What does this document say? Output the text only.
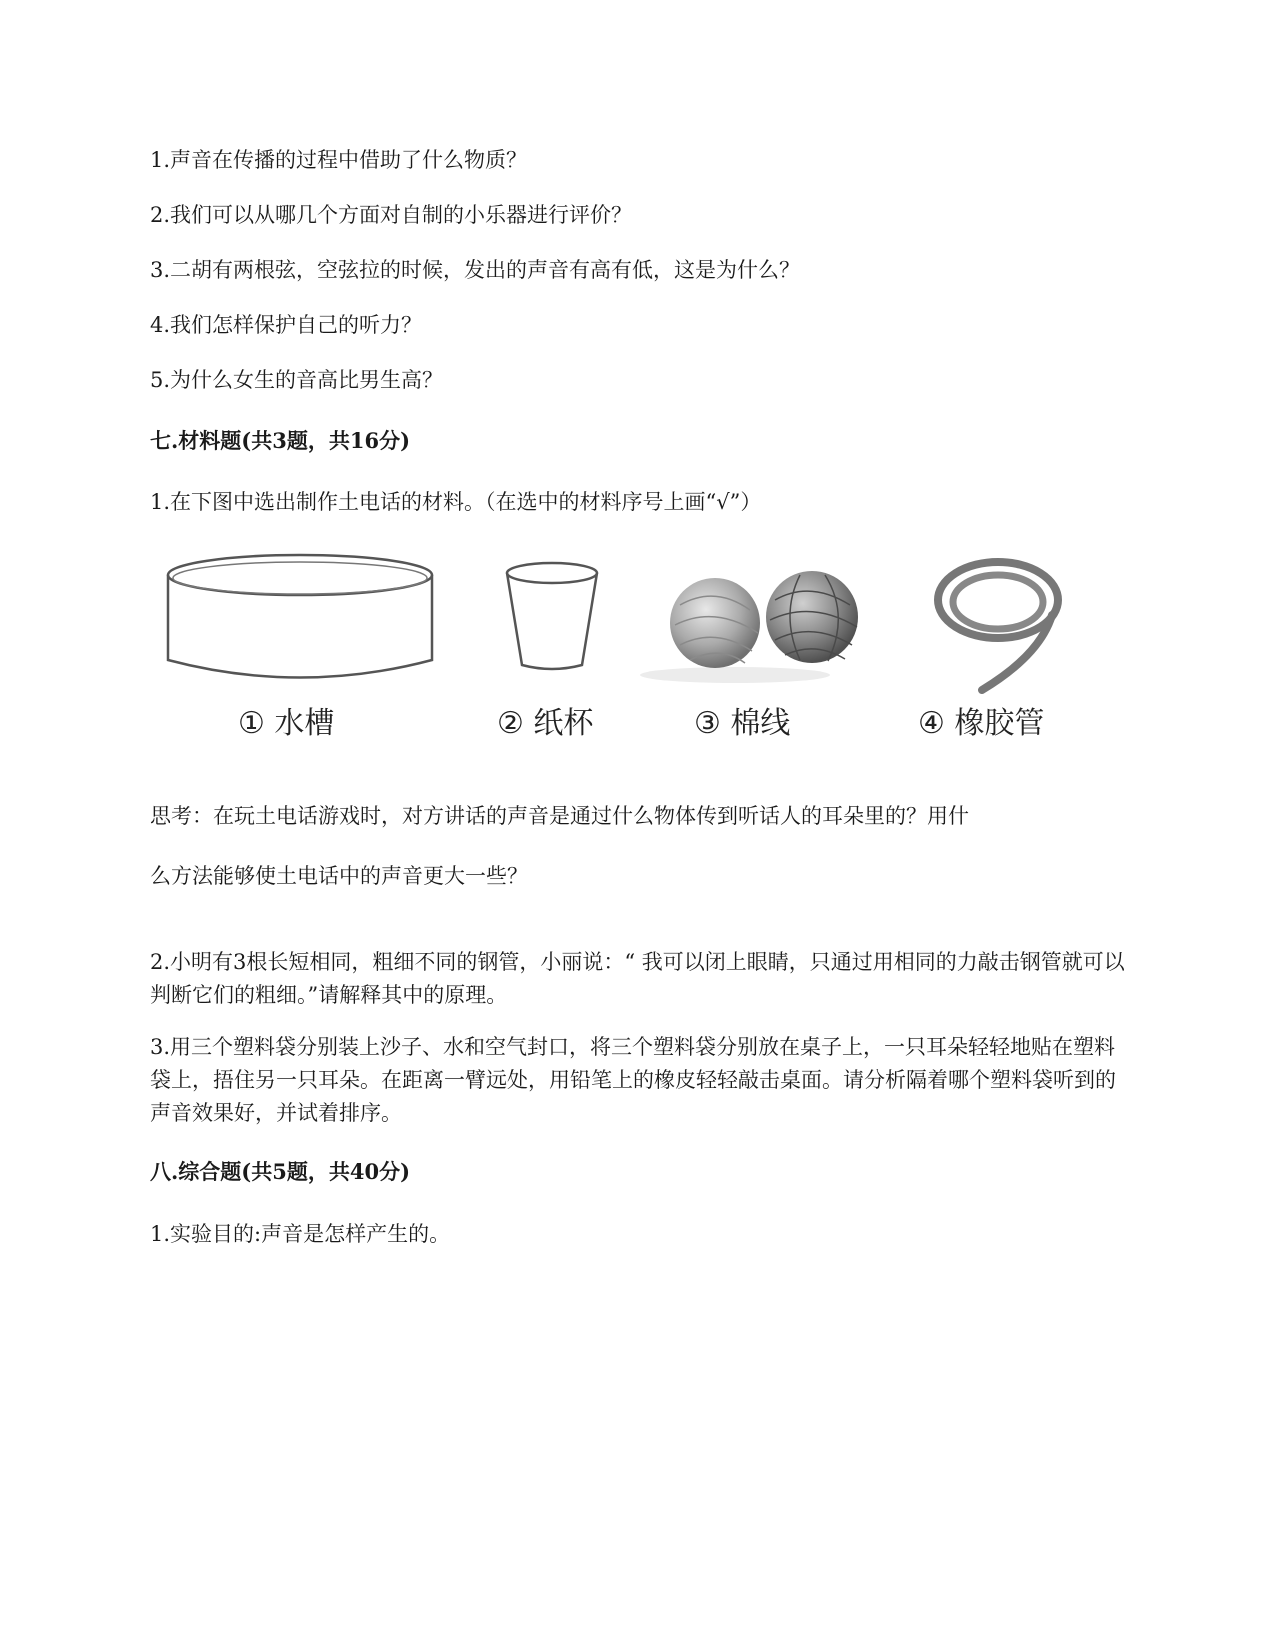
1.声音在传播的过程中借助了什么物质？
2.我们可以从哪几个方面对自制的小乐器进行评价？
3.二胡有两根弦，空弦拉的时候，发出的声音有高有低，这是为什么？
4.我们怎样保护自己的听力？
5.为什么女生的音高比男生高？
七.材料题(共3题，共16分)
1.在下图中选出制作土电话的材料。（在选中的材料序号上画“√”）
① 水槽	② 纸杯	③ 棉线	④ 橡胶管
思考：在玩土电话游戏时，对方讲话的声音是通过什么物体传到听话人的耳朵里的？用什
么方法能够使土电话中的声音更大一些？
2.小明有3根长短相同，粗细不同的钢管，小丽说：“ 我可以闭上眼睛，只通过用相同的力敲击钢管就可以判断它们的粗细。”请解释其中的原理。
3.用三个塑料袋分别装上沙子、水和空气封口，将三个塑料袋分别放在桌子上，一只耳朵轻轻地贴在塑料袋上，捂住另一只耳朵。在距离一臂远处，用铅笔上的橡皮轻轻敲击桌面。请分析隔着哪个塑料袋听到的声音效果好，并试着排序。
八.综合题(共5题，共40分)
1.实验目的:声音是怎样产生的。
